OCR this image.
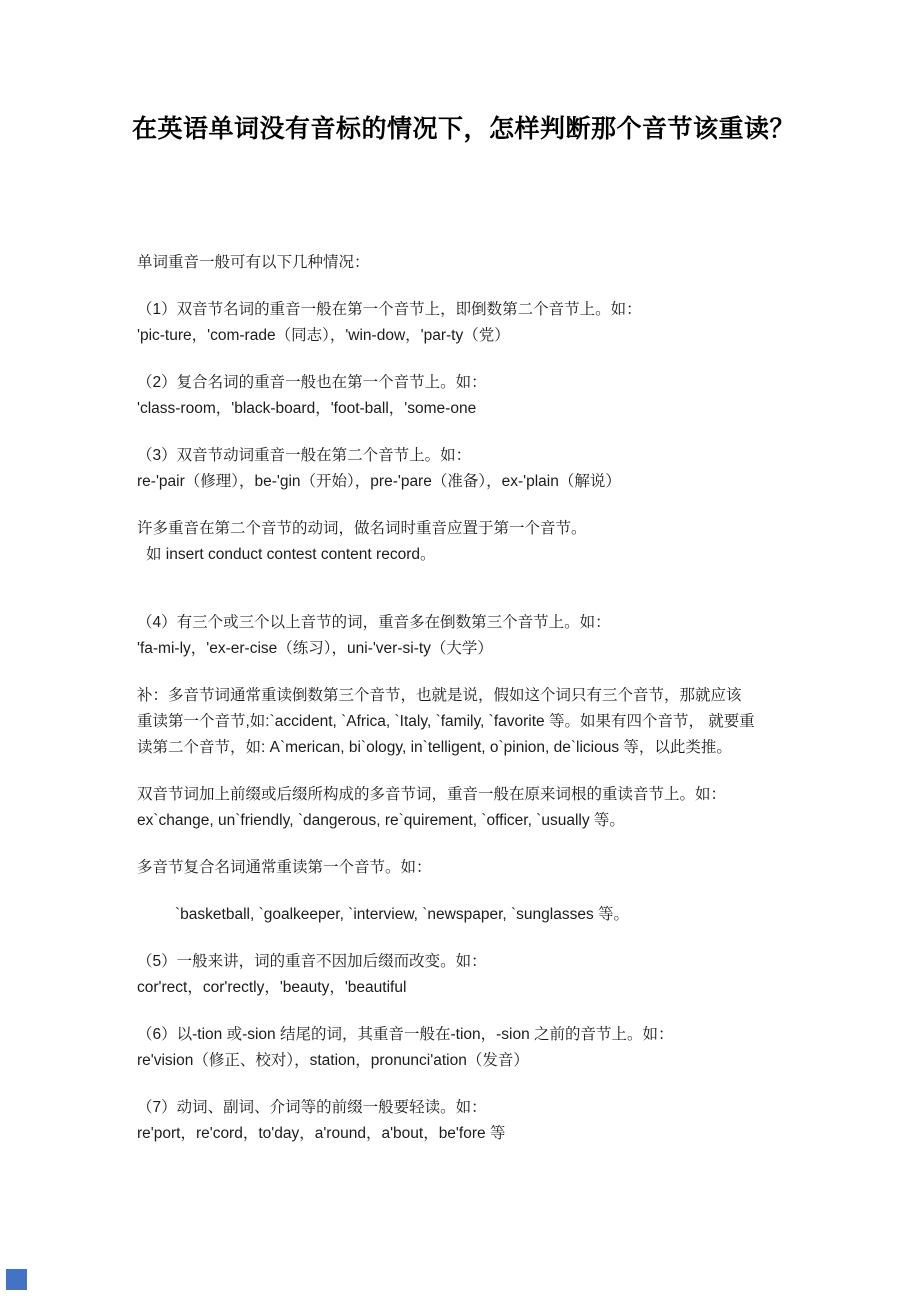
在英语单词没有音标的情况下，怎样判断那个音节该重读？
单词重音一般可有以下几种情况：
（1）双音节名词的重音一般在第一个音节上，即倒数第二个音节上。如：
'pic-ture，'com-rade（同志），'win-dow，'par-ty（党）
（2）复合名词的重音一般也在第一个音节上。如：
'class-room，'black-board，'foot-ball，'some-one
（3）双音节动词重音一般在第二个音节上。如：
re-'pair（修理），be-'gin（开始），pre-'pare（准备），ex-'plain（解说）
许多重音在第二个音节的动词，做名词时重音应置于第一个音节。
如 insert conduct contest content record。
（4）有三个或三个以上音节的词，重音多在倒数第三个音节上。如：
'fa-mi-ly，'ex-er-cise（练习），uni-'ver-si-ty（大学）
补：多音节词通常重读倒数第三个音节，也就是说，假如这个词只有三个音节，那就应该
重读第一个音节,如:`accident, `Africa, `Italy, `family, `favorite 等。如果有四个音节， 就要重
读第二个音节，如: A`merican, bi`ology, in`telligent, o`pinion, de`licious 等，以此类推。
双音节词加上前缀或后缀所构成的多音节词，重音一般在原来词根的重读音节上。如：
ex`change, un`friendly, `dangerous, re`quirement, `officer, `usually 等。
多音节复合名词通常重读第一个音节。如：
`basketball, `goalkeeper, `interview, `newspaper, `sunglasses 等。
（5）一般来讲，词的重音不因加后缀而改变。如：
cor'rect，cor'rectly，'beauty，'beautiful
（6）以-tion 或-sion 结尾的词，其重音一般在-tion，-sion 之前的音节上。如：
re'vision（修正、校对），station，pronunci'ation（发音）
（7）动词、副词、介词等的前缀一般要轻读。如：
re'port，re'cord，to'day，a'round，a'bout，be'fore 等
